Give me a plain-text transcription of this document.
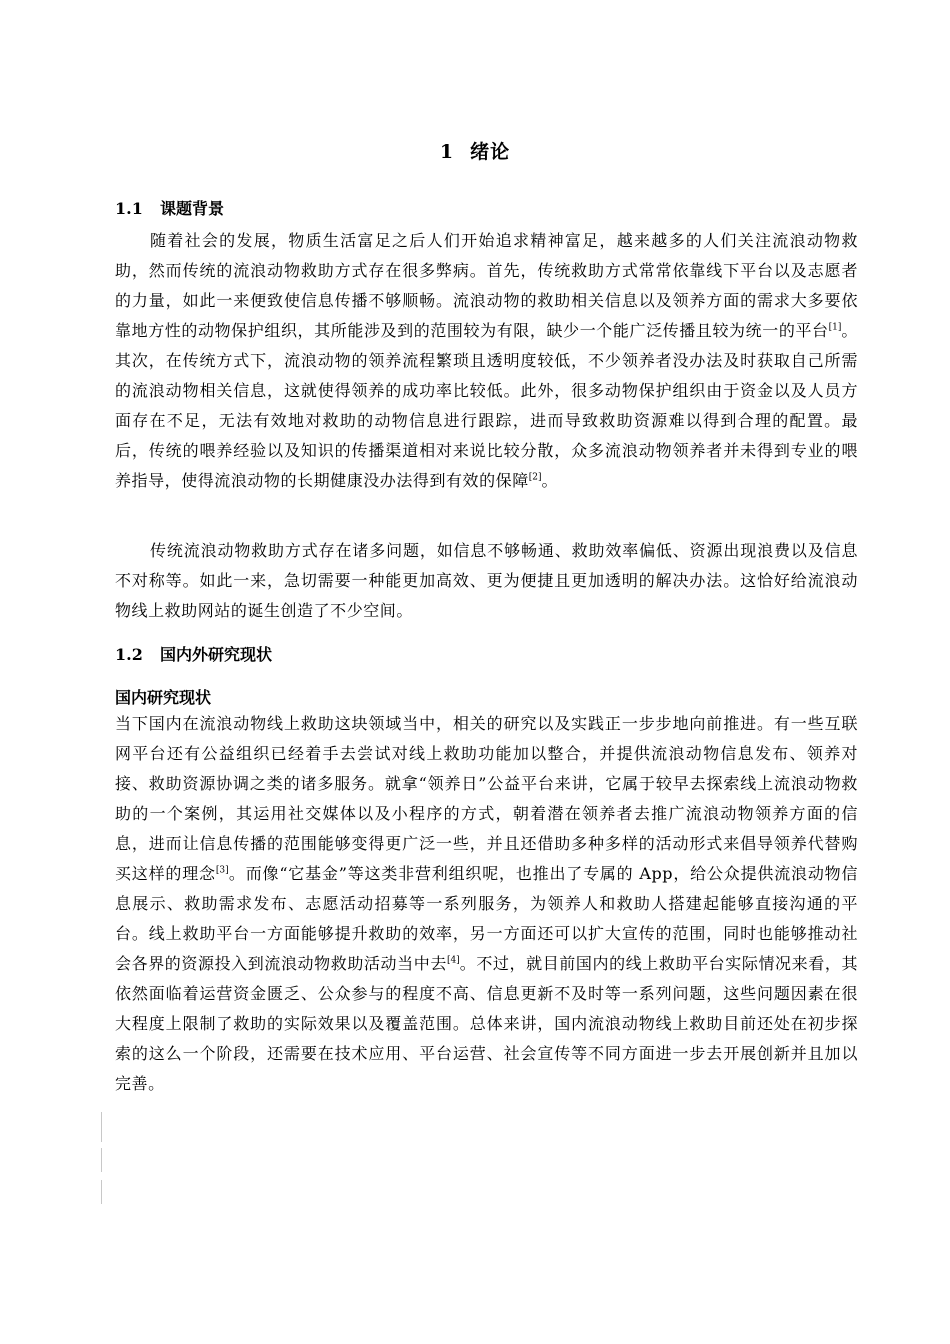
1 绪论
1.1 课题背景

随着社会的发展，物质生活富足之后人们开始追求精神富足，越来越多的人们关注流浪动物救助，然而传统的流浪动物救助方式存在很多弊病。首先，传统救助方式常常依靠线下平台以及志愿者的力量，如此一来便致使信息传播不够顺畅。流浪动物的救助相关信息以及领养方面的需求大多要依靠地方性的动物保护组织，其所能涉及到的范围较为有限，缺少一个能广泛传播且较为统一的平台[1]。其次，在传统方式下，流浪动物的领养流程繁琐且透明度较低，不少领养者没办法及时获取自己所需的流浪动物相关信息，这就使得领养的成功率比较低。此外，很多动物保护组织由于资金以及人员方面存在不足，无法有效地对救助的动物信息进行跟踪，进而导致救助资源难以得到合理的配置。最后，传统的喂养经验以及知识的传播渠道相对来说比较分散，众多流浪动物领养者并未得到专业的喂养指导，使得流浪动物的长期健康没办法得到有效的保障[2]。

传统流浪动物救助方式存在诸多问题，如信息不够畅通、救助效率偏低、资源出现浪费以及信息不对称等。如此一来，急切需要一种能更加高效、更为便捷且更加透明的解决办法。这恰好给流浪动物线上救助网站的诞生创造了不少空间。

1.2 国内外研究现状
国内研究现状

当下国内在流浪动物线上救助这块领域当中，相关的研究以及实践正一步步地向前推进。有一些互联网平台还有公益组织已经着手去尝试对线上救助功能加以整合，并提供流浪动物信息发布、领养对接、救助资源协调之类的诸多服务。就拿“领养日”公益平台来讲，它属于较早去探索线上流浪动物救助的一个案例，其运用社交媒体以及小程序的方式，朝着潜在领养者去推广流浪动物领养方面的信息，进而让信息传播的范围能够变得更广泛一些，并且还借助多种多样的活动形式来倡导领养代替购买这样的理念[3]。而像“它基金”等这类非营利组织呢，也推出了专属的 App，给公众提供流浪动物信息展示、救助需求发布、志愿活动招募等一系列服务，为领养人和救助人搭建起能够直接沟通的平台。线上救助平台一方面能够提升救助的效率，另一方面还可以扩大宣传的范围，同时也能够推动社会各界的资源投入到流浪动物救助活动当中去[4]。不过，就目前国内的线上救助平台实际情况来看，其依然面临着运营资金匮乏、公众参与的程度不高、信息更新不及时等一系列问题，这些问题因素在很大程度上限制了救助的实际效果以及覆盖范围。总体来讲，国内流浪动物线上救助目前还处在初步探索的这么一个阶段，还需要在技术应用、平台运营、社会宣传等不同方面进一步去开展创新并且加以完善。
